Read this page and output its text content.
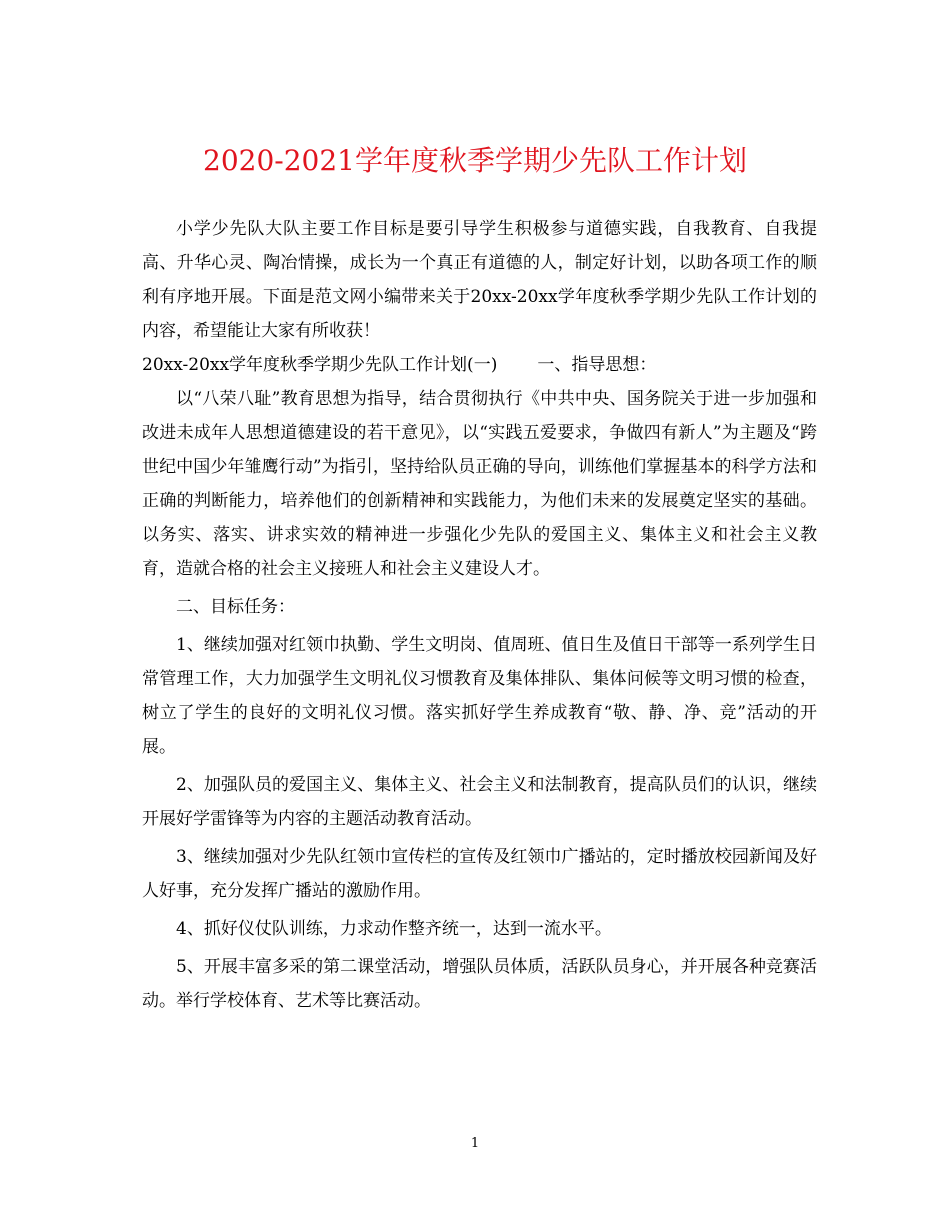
2020-2021学年度秋季学期少先队工作计划

小学少先队大队主要工作目标是要引导学生积极参与道德实践，自我教育、自我提高、升华心灵、陶冶情操，成长为一个真正有道德的人，制定好计划，以助各项工作的顺利有序地开展。下面是范文网小编带来关于20xx-20xx学年度秋季学期少先队工作计划的内容，希望能让大家有所收获！

20xx-20xx学年度秋季学期少先队工作计划(一) 一、指导思想：

以“八荣八耻”教育思想为指导，结合贯彻执行《中共中央、国务院关于进一步加强和改进未成年人思想道德建设的若干意见》，以“实践五爱要求，争做四有新人”为主题及“跨世纪中国少年雏鹰行动”为指引，坚持给队员正确的导向，训练他们掌握基本的科学方法和正确的判断能力，培养他们的创新精神和实践能力，为他们未来的发展奠定坚实的基础。以务实、落实、讲求实效的精神进一步强化少先队的爱国主义、集体主义和社会主义教育，造就合格的社会主义接班人和社会主义建设人才。

二、目标任务：

1、继续加强对红领巾执勤、学生文明岗、值周班、值日生及值日干部等一系列学生日常管理工作，大力加强学生文明礼仪习惯教育及集体排队、集体问候等文明习惯的检查，树立了学生的良好的文明礼仪习惯。落实抓好学生养成教育“敬、静、净、竞”活动的开展。

2、加强队员的爱国主义、集体主义、社会主义和法制教育，提高队员们的认识，继续开展好学雷锋等为内容的主题活动教育活动。

3、继续加强对少先队红领巾宣传栏的宣传及红领巾广播站的，定时播放校园新闻及好人好事，充分发挥广播站的激励作用。

4、抓好仪仗队训练，力求动作整齐统一，达到一流水平。

5、开展丰富多采的第二课堂活动，增强队员体质，活跃队员身心，并开展各种竞赛活动。举行学校体育、艺术等比赛活动。

1
